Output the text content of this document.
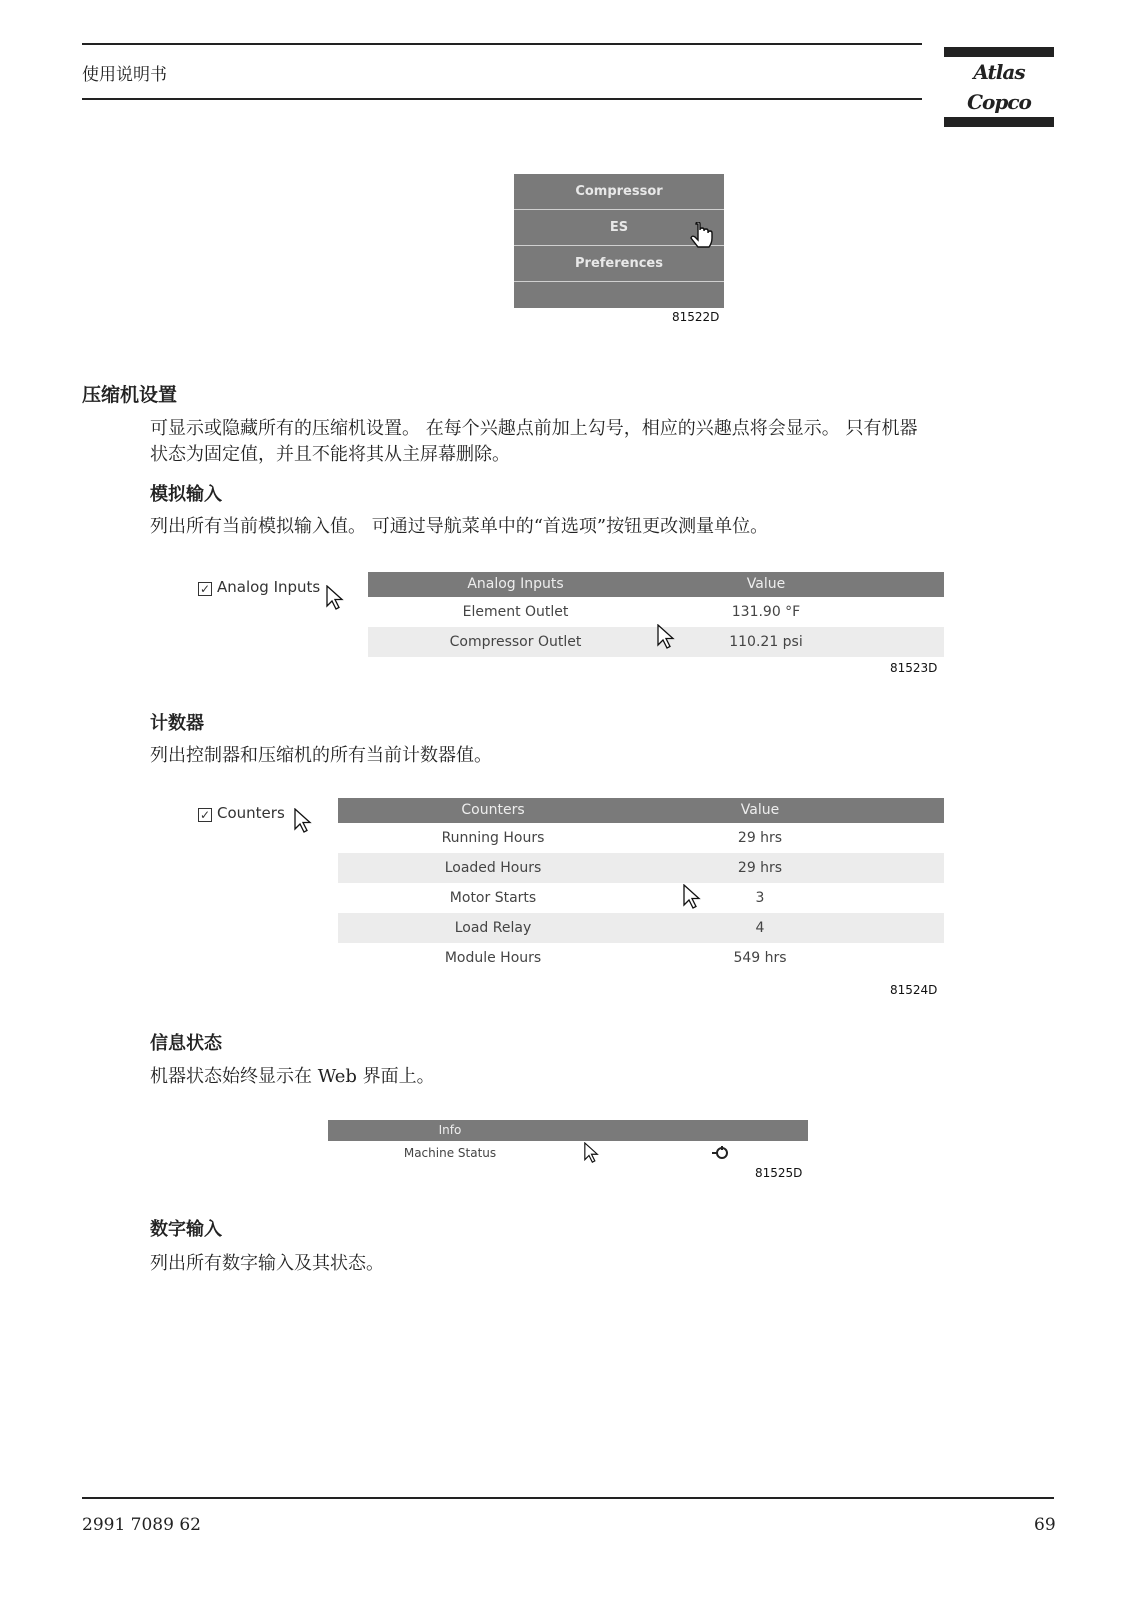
使用说明书	Atlas Copco
Compressor
ES
Preferences
81522D
压缩机设置
可显示或隐藏所有的压缩机设置。 在每个兴趣点前加上勾号，相应的兴趣点将会显示。 只有机器
状态为固定值，并且不能将其从主屏幕删除。
模拟输入
列出所有当前模拟输入值。 可通过导航菜单中的“首选项”按钮更改测量单位。
✓ Analog Inputs	Analog Inputs	Value
Element Outlet	131.90 °F
Compressor Outlet	110.21 psi
81523D
计数器
列出控制器和压缩机的所有当前计数器值。
✓ Counters	Counters	Value
Running Hours	29 hrs
Loaded Hours	29 hrs
Motor Starts	3
Load Relay	4
Module Hours	549 hrs
81524D
信息状态
机器状态始终显示在 Web 界面上。
Info
Machine Status
81525D
数字输入
列出所有数字输入及其状态。
2991 7089 62	69
